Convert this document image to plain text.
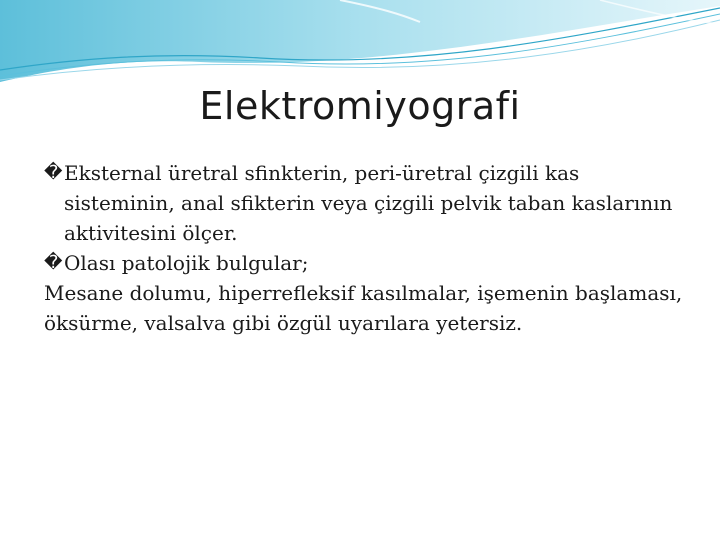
Elektromiyografi
� Eksternal üretral sfinkterin, peri-üretral çizgili kas sisteminin, anal sfikterin veya çizgili pelvik taban kaslarının aktivitesini ölçer.
� Olası patolojik bulgular;

Mesane dolumu, hiperrefleksif kasılmalar, işemenin başlaması, öksürme, valsalva gibi özgül uyarılara yetersiz.
